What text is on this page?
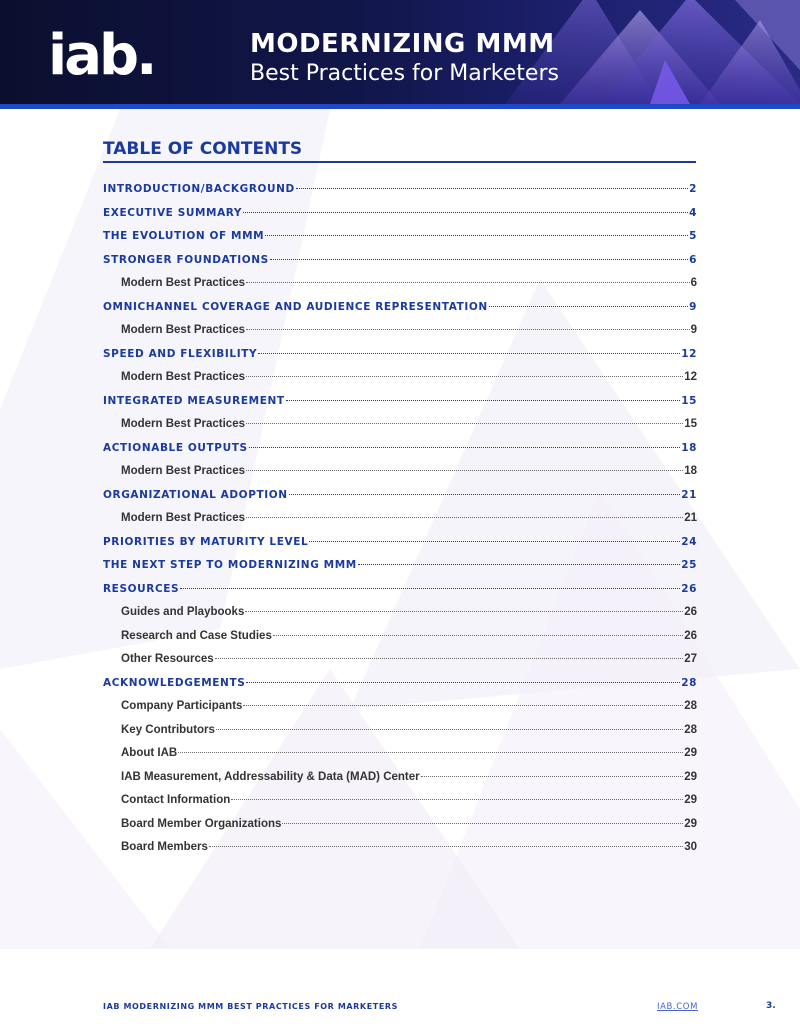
iab.	MODERNIZING MMM
Best Practices for Marketers
TABLE OF CONTENTS
INTRODUCTION/BACKGROUND	2
EXECUTIVE SUMMARY	4
THE EVOLUTION OF MMM	5
STRONGER FOUNDATIONS	6
Modern Best Practices	6
OMNICHANNEL COVERAGE AND AUDIENCE REPRESENTATION	9
Modern Best Practices	9
SPEED AND FLEXIBILITY	12
Modern Best Practices	12
INTEGRATED MEASUREMENT	15
Modern Best Practices	15
ACTIONABLE OUTPUTS	18
Modern Best Practices	18
ORGANIZATIONAL ADOPTION	21
Modern Best Practices	21
PRIORITIES BY MATURITY LEVEL	24
THE NEXT STEP TO MODERNIZING MMM	25
RESOURCES	26
Guides and Playbooks	26
Research and Case Studies	26
Other Resources	27
ACKNOWLEDGEMENTS	28
Company Participants	28
Key Contributors	28
About IAB	29
IAB Measurement, Addressability & Data (MAD) Center	29
Contact Information	29
Board Member Organizations	29
Board Members	30
IAB MODERNIZING MMM BEST PRACTICES FOR MARKETERS	IAB.COM	3.
